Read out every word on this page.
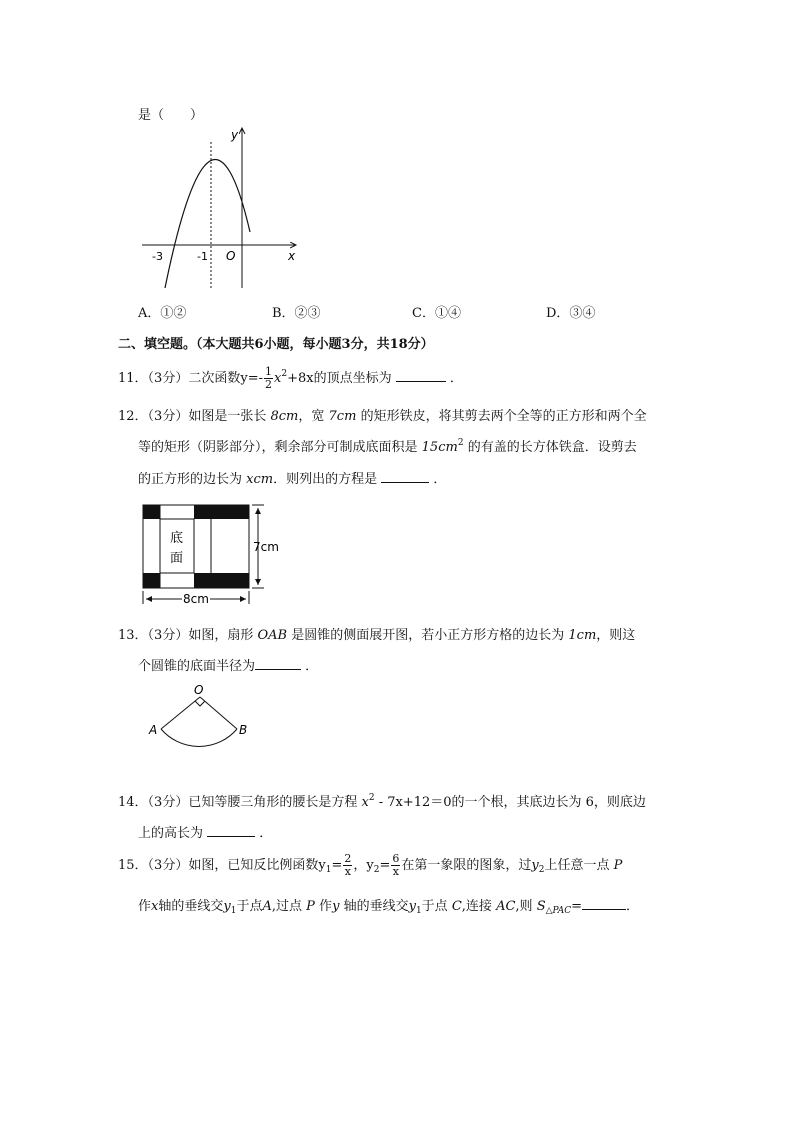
是（　　）
y
x
O
-3	-1
A．①②	B．②③	C．①④	D．③④
二、填空题。（本大题共6小题，每小题3分，共18分）
11．（3分）二次函数$y=- \frac{1}{2} x^2+8x$的顶点坐标为	．
12．（3分）如图是一张长 8cm，宽 7cm 的矩形铁皮，将其剪去两个全等的正方形和两个全
等的矩形（阴影部分），剩余部分可制成底面积是 $15cm^2$ 的有盖的长方体铁盒．设剪去
的正方形的边长为 xcm．则列出的方程是	．
底
面
7cm
8cm
13．（3分）如图，扇形 OAB 是圆锥的侧面展开图，若小正方形方格的边长为 1cm，则这
个圆锥的底面半径为	．
O
A	B
14．（3分）已知等腰三角形的腰长是方程 $x^2 - 7x+12=0$的一个根，其底边长为 6，则底边
上的高长为	．
15．（3分）如图，已知反比例函数$y_1= \frac{2}{x}$ ，$y_2= \frac{6}{x}$ 在第一象限的图象，过$y_2$上任意一点 P
作x轴的垂线交$y_1$于点A,过点 P 作y 轴的垂线交$y_1$于点 C,连接 AC,则 $S_{\triangle PAC}=$	．
